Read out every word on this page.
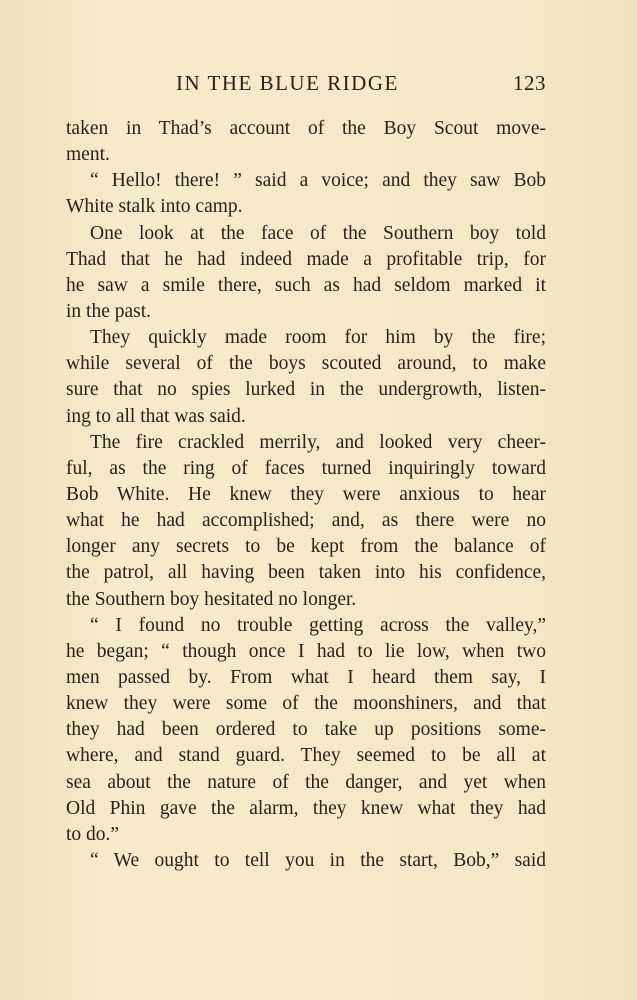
IN THE BLUE RIDGE	123
taken in Thad’s account of the Boy Scout move-
ment.
“ Hello! there! ” said a voice; and they saw Bob
White stalk into camp.
One look at the face of the Southern boy told
Thad that he had indeed made a profitable trip, for
he saw a smile there, such as had seldom marked it
in the past.
They quickly made room for him by the fire;
while several of the boys scouted around, to make
sure that no spies lurked in the undergrowth, listen-
ing to all that was said.
The fire crackled merrily, and looked very cheer-
ful, as the ring of faces turned inquiringly toward
Bob White. He knew they were anxious to hear
what he had accomplished; and, as there were no
longer any secrets to be kept from the balance of
the patrol, all having been taken into his confidence,
the Southern boy hesitated no longer.
“ I found no trouble getting across the valley,”
he began; “ though once I had to lie low, when two
men passed by. From what I heard them say, I
knew they were some of the moonshiners, and that
they had been ordered to take up positions some-
where, and stand guard. They seemed to be all at
sea about the nature of the danger, and yet when
Old Phin gave the alarm, they knew what they had
to do.”
“ We ought to tell you in the start, Bob,” said
